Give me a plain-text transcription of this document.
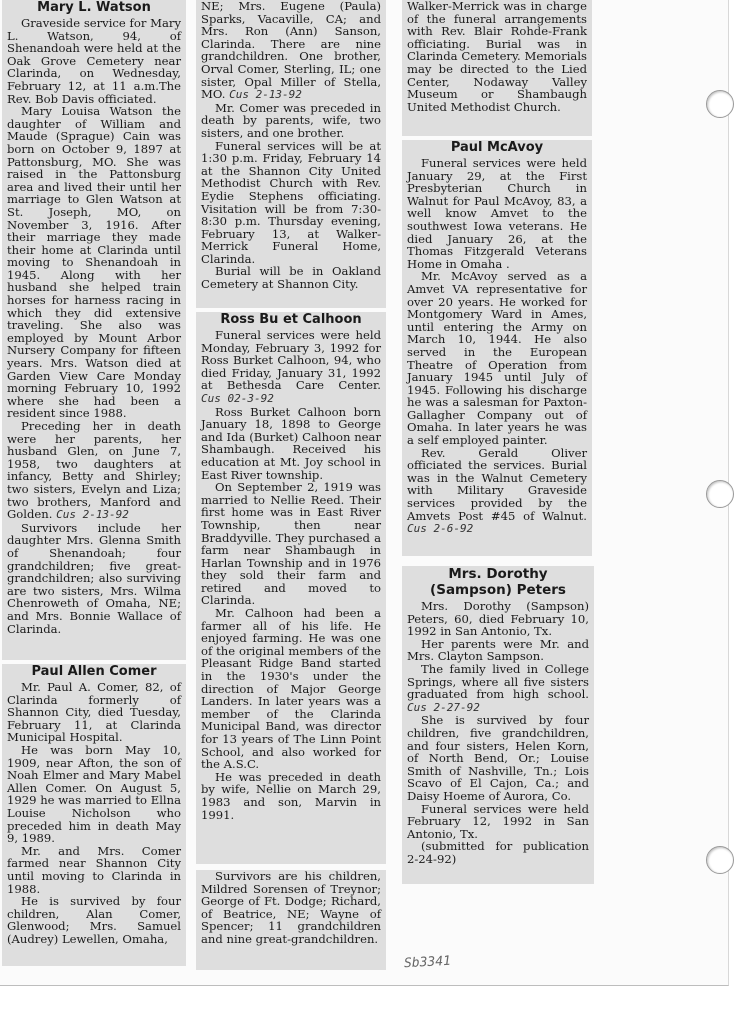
Mary L. Watson

Graveside service for Mary L. Watson, 94, of Shenandoah were held at the Oak Grove Cemetery near Clarinda, on Wednesday, February 12, at 11 a.m.The Rev. Bob Davis officiated.

Mary Louisa Watson the daughter of William and Maude (Sprague) Cain was born on October 9, 1897 at Pattonsburg, MO. She was raised in the Pattonsburg area and lived their until her marriage to Glen Watson at St. Joseph, MO, on November 3, 1916. After their marriage they made their home at Clarinda until moving to Shenandoah in 1945. Along with her husband she helped train horses for harness racing in which they did extensive traveling. She also was employed by Mount Arbor Nursery Company for fifteen years. Mrs. Watson died at Garden View Care Monday morning February 10, 1992 where she had been a resident since 1988.

Preceding her in death were her parents, her husband Glen, on June 7, 1958, two daughters at infancy, Betty and Shirley; two sisters, Evelyn and Liza; two brothers, Manford and Golden. Cus 2-13-92

Survivors include her daughter Mrs. Glenna Smith of Shenandoah; four grandchildren; five great-grandchildren; also surviving are two sisters, Mrs. Wilma Chenroweth of Omaha, NE; and Mrs. Bonnie Wallace of Clarinda.

Paul Allen Comer

Mr. Paul A. Comer, 82, of Clarinda formerly of Shannon City, died Tuesday, February 11, at Clarinda Municipal Hospital.

He was born May 10, 1909, near Afton, the son of Noah Elmer and Mary Mabel Allen Comer. On August 5, 1929 he was married to Ellna Louise Nicholson who preceded him in death May 9, 1989.

Mr. and Mrs. Comer farmed near Shannon City until moving to Clarinda in 1988.

He is survived by four children, Alan Comer, Glenwood; Mrs. Samuel (Audrey) Lewellen, Omaha,

NE; Mrs. Eugene (Paula) Sparks, Vacaville, CA; and Mrs. Ron (Ann) Sanson, Clarinda. There are nine grandchildren. One brother, Orval Comer, Sterling, IL; one sister, Opal Miller of Stella, MO. Cus 2-13-92

Mr. Comer was preceded in death by parents, wife, two sisters, and one brother.

Funeral services will be at 1:30 p.m. Friday, February 14 at the Shannon City United Methodist Church with Rev. Eydie Stephens officiating. Visitation will be from 7:30-8:30 p.m. Thursday evening, February 13, at Walker-Merrick Funeral Home, Clarinda.

Burial will be in Oakland Cemetery at Shannon City.

Ross Bu et Calhoon

Funeral services were held Monday, February 3, 1992 for Ross Burket Calhoon, 94, who died Friday, January 31, 1992 at Bethesda Care Center. Cus 02-3-92

Ross Burket Calhoon born January 18, 1898 to George and Ida (Burket) Calhoon near Shambaugh. Received his education at Mt. Joy school in East River township.

On September 2, 1919 was married to Nellie Reed. Their first home was in East River Township, then near Braddyville. They purchased a farm near Shambaugh in Harlan Township and in 1976 they sold their farm and retired and moved to Clarinda.

Mr. Calhoon had been a farmer all of his life. He enjoyed farming. He was one of the original members of the Pleasant Ridge Band started in the 1930's under the direction of Major George Landers. In later years was a member of the Clarinda Municipal Band, was director for 13 years of The Linn Point School, and also worked for the A.S.C.

He was preceded in death by wife, Nellie on March 29, 1983 and son, Marvin in 1991.

Survivors are his children, Mildred Sorensen of Treynor; George of Ft. Dodge; Richard, of Beatrice, NE; Wayne of Spencer; 11 grandchildren and nine great-grandchildren.

Walker-Merrick was in charge of the funeral arrangements with Rev. Blair Rohde-Frank officiating. Burial was in Clarinda Cemetery. Memorials may be directed to the Lied Center, Nodaway Valley Museum or Shambaugh United Methodist Church.

Paul McAvoy

Funeral services were held January 29, at the First Presbyterian Church in Walnut for Paul McAvoy, 83, a well know Amvet to the southwest Iowa veterans. He died January 26, at the Thomas Fitzgerald Veterans Home in Omaha .

Mr. McAvoy served as a Amvet VA representative for over 20 years. He worked for Montgomery Ward in Ames, until entering the Army on March 10, 1944. He also served in the European Theatre of Operation from January 1945 until July of 1945. Following his discharge he was a salesman for Paxton-Gallagher Company out of Omaha. In later years he was a self employed painter.

Rev. Gerald Oliver officiated the services. Burial was in the Walnut Cemetery with Military Graveside services provided by the Amvets Post #45 of Walnut. Cus 2-6-92

Mrs. Dorothy
(Sampson) Peters

Mrs. Dorothy (Sampson) Peters, 60, died February 10, 1992 in San Antonio, Tx.

Her parents were Mr. and Mrs. Clayton Sampson.

The family lived in College Springs, where all five sisters graduated from high school. Cus 2-27-92

She is survived by four children, five grandchildren, and four sisters, Helen Korn, of North Bend, Or.; Louise Smith of Nashville, Tn.; Lois Scavo of El Cajon, Ca.; and Daisy Hoeme of Aurora, Co.

Funeral services were held February 12, 1992 in San Antonio, Tx.

(submitted for publication 2-24-92)

Sb3341
